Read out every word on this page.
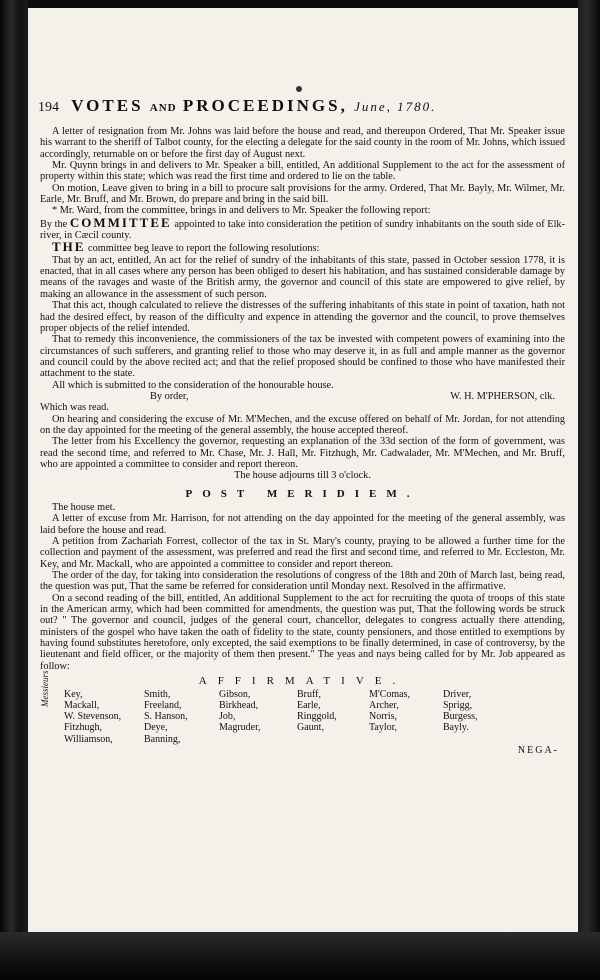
194 VOTES AND PROCEEDINGS, June, 1780.

A letter of resignation from Mr. Johns was laid before the house and read, and thereupon Ordered, That Mr. Speaker issue his warrant to the sheriff of Talbot county, for the electing a delegate for the said county in the room of Mr. Johns, which issued accordingly, returnable on or before the first day of August next.

Mr. Quynn brings in and delivers to Mr. Speaker a bill, entitled, An additional Supplement to the act for the assessment of property within this state; which was read the first time and ordered to lie on the table.

On motion, Leave given to bring in a bill to procure salt provisions for the army. Ordered, That Mr. Bayly, Mr. Wilmer, Mr. Earle, Mr. Bruff, and Mr. Brown, do prepare and bring in the said bill.

* Mr. Ward, from the committee, brings in and delivers to Mr. Speaker the following report:

By the COMMITTEE appointed to take into consideration the petition of sundry inhabitants on the south side of Elk-river, in Cæcil county.

THE committee beg leave to report the following resolutions:

That by an act, entitled, An act for the relief of sundry of the inhabitants of this state, passed in October session 1778, it is enacted, that in all cases where any person has been obliged to desert his habitation, and has sustained considerable damage by means of the ravages and waste of the British army, the governor and council of this state are empowered to give relief, by making an allowance in the assessment of such person.

That this act, though calculated to relieve the distresses of the suffering inhabitants of this state in point of taxation, hath not had the desired effect, by reason of the difficulty and expence in attending the governor and the council, to prove themselves proper objects of the relief intended.

That to remedy this inconvenience, the commissioners of the tax be invested with competent powers of examining into the circumstances of such sufferers, and granting relief to those who may deserve it, in as full and ample manner as the governor and council could by the above recited act; and that the relief proposed should be confined to those who have manifested their attachment to the state.

All which is submitted to the consideration of the honourable house.

By order,	W. H. M'PHERSON, clk.

Which was read.

On hearing and considering the excuse of Mr. M'Mechen, and the excuse offered on behalf of Mr. Jordan, for not attending on the day appointed for the meeting of the general assembly, the house accepted thereof.

The letter from his Excellency the governor, requesting an explanation of the 33d section of the form of government, was read the second time, and referred to Mr. Chase, Mr. J. Hall, Mr. Fitzhugh, Mr. Cadwalader, Mr. M'Mechen, and Mr. Bruff, who are appointed a committee to consider and report thereon.

The house adjourns till 3 o'clock.

POST MERIDIEM.

The house met.

A letter of excuse from Mr. Harrison, for not attending on the day appointed for the meeting of the general assembly, was laid before the house and read.

A petition from Zachariah Forrest, collector of the tax in St. Mary's county, praying to be allowed a further time for the collection and payment of the assessment, was preferred and read the first and second time, and referred to Mr. Eccleston, Mr. Key, and Mr. Mackall, who are appointed a committee to consider and report thereon.

The order of the day, for taking into consideration the resolutions of congress of the 18th and 20th of March last, being read, the question was put, That the same be referred for consideration until Monday next. Resolved in the affirmative.

On a second reading of the bill, entitled, An additional Supplement to the act for recruiting the quota of troops of this state in the American army, which had been committed for amendments, the question was put, That the following words be struck out? " The governor and council, judges of the general court, chancellor, delegates to congress actually there attending, ministers of the gospel who have taken the oath of fidelity to the state, county pensioners, and those entitled to exemptions by having found substitutes heretofore, only excepted, the said exemptions to be finally determined, in case of controversy, by the lieutenant and field officer, or the majority of them then present." The yeas and nays being called for by Mr. Job appeared as follow:

AFFIRMATIVE.
Messieurs Key,	Smith,	Gibson,	Bruff,	M'Comas,	Driver,
Mackall,	Freeland,	Birkhead,	Earle,	Archer,	Sprigg,
W. Stevenson,	S. Hanson,	Job,	Ringgold,	Norris,	Burgess,
Fitzhugh,	Deye,	Magruder,	Gaunt,	Taylor,	Bayly.
Williamson,	Banning,
NEGA-
